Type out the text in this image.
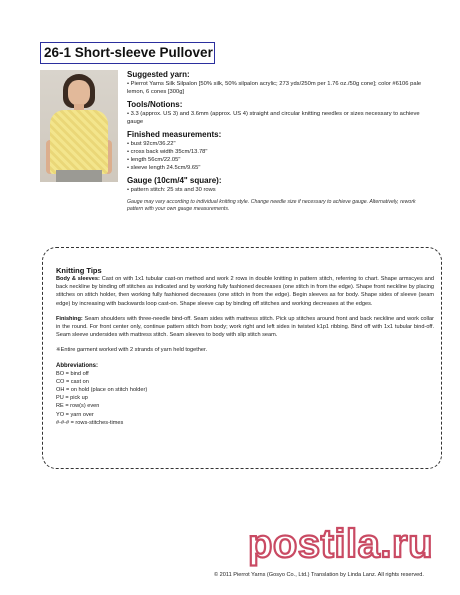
26-1 Short-sleeve Pullover
Suggested yarn:
• Pierrot Yarns Silk Silpalon [50% silk, 50% silpalon acrylic; 273 yds/250m per 1.76 oz./50g cone]; color #6106 pale lemon, 6 cones [300g]
Tools/Notions:
• 3.3 (approx. US 3) and 3.6mm (approx. US 4) straight and circular knitting needles or sizes necessary to achieve gauge
Finished measurements:
• bust 92cm/36.22"
• cross back width 35cm/13.78"
• length 56cm/22.05"
• sleeve length 24.5cm/9.65"
Gauge (10cm/4" square):
• pattern stitch: 25 sts and 30 rows
Gauge may vary according to individual knitting style. Change needle size if necessary to achieve gauge. Alternatively, rework pattern with your own gauge measurements.
Knitting Tips
Body & sleeves: Cast on with 1x1 tubular cast-on method and work 2 rows in double knitting in pattern stitch, referring to chart. Shape armscyes and back neckline by binding off stitches as indicated and by working fully fashioned decreases (one stitch in from the edge). Shape front neckline by placing stitches on stitch holder, then working fully fashioned decreases (one stitch in from the edge). Begin sleeves as for body. Shape sides of sleeve (seam edge) by increasing with backwards loop cast-on. Shape sleeve cap by binding off stitches and working decreases at the edges.
Finishing: Seam shoulders with three-needle bind-off. Seam sides with mattress stitch. Pick up stitches around front and back neckline and work collar in the round. For front center only, continue pattern stitch from body; work right and left sides in twisted k1p1 ribbing. Bind off with 1x1 tubular bind-off. Seam sleeve undersides with mattress stitch. Seam sleeves to body with slip stitch seam.
※Entire garment worked with 2 strands of yarn held together.
Abbreviations:
BO = bind off
CO = cast on
OH = on hold (place on stitch holder)
PU = pick up
RE = row(s) even
YO = yarn over
#-#-# = rows-stitches-times
postila.ru
© 2011 Pierrot Yarns (Gosyo Co., Ltd.) Translation by Linda Lanz. All rights reserved.
